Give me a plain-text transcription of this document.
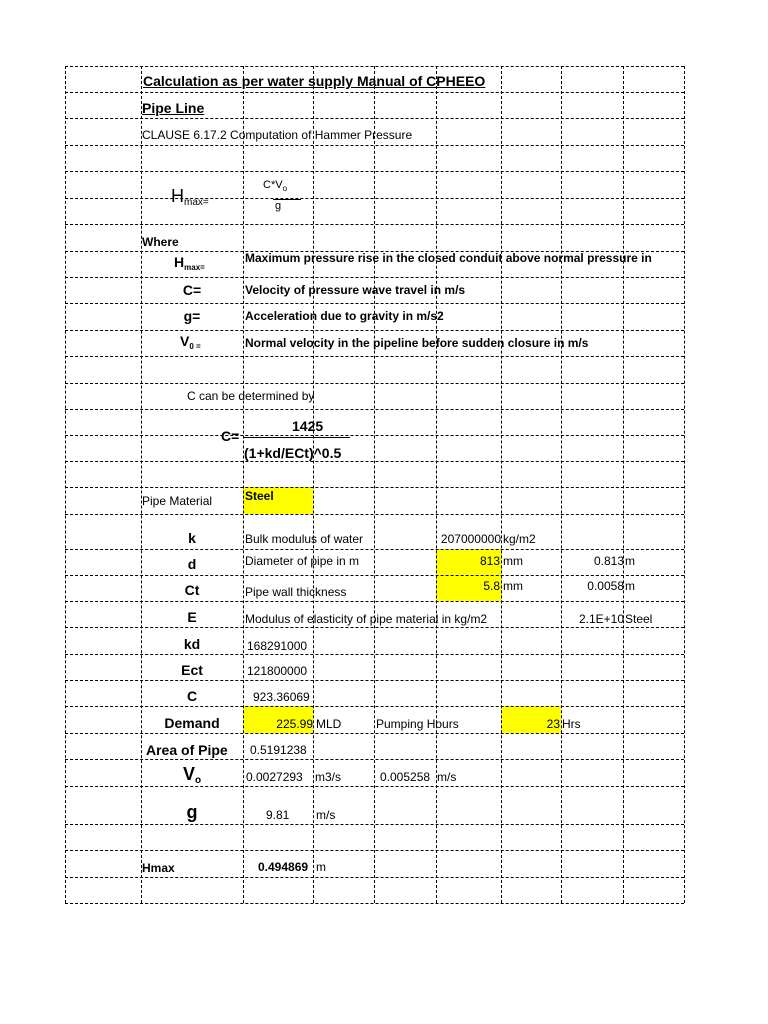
Calculation as per water supply Manual of CPHEEO
Pipe Line
CLAUSE 6.17.2 Computation of Hammer Pressure
$H_{max=}$
$C*V_o$
g
Where
$H_{max=}$
Maximum pressure rise in the closed conduit above normal pressure in
C=	Velocity of pressure wave travel in m/s
g=	Acceleration due to gravity in m/s2
$V_{0 =}$	Normal velocity in the pipeline before sudden closure in m/s
C can be determined by
C=
1425
(1+kd/ECt)^0.5
Pipe Material	Steel
k	Bulk modulus of water	207000000 kg/m2
d	Diameter of pipe in m	813 mm	0.813 m
Ct	Pipe wall thickness	5.8 mm	0.0058 m
E	Modulus of elasticity of pipe material in kg/m2	2.1E+10 Steel
kd	168291000
Ect	121800000
C	923.36069
Demand	225.99 MLD	Pumping Hours	23 Hrs
Area of Pipe 0.5191238
$V_o$	0.0027293 m3/s	0.005258 m/s
g	9.81 m/s
Hmax	0.494869 m
